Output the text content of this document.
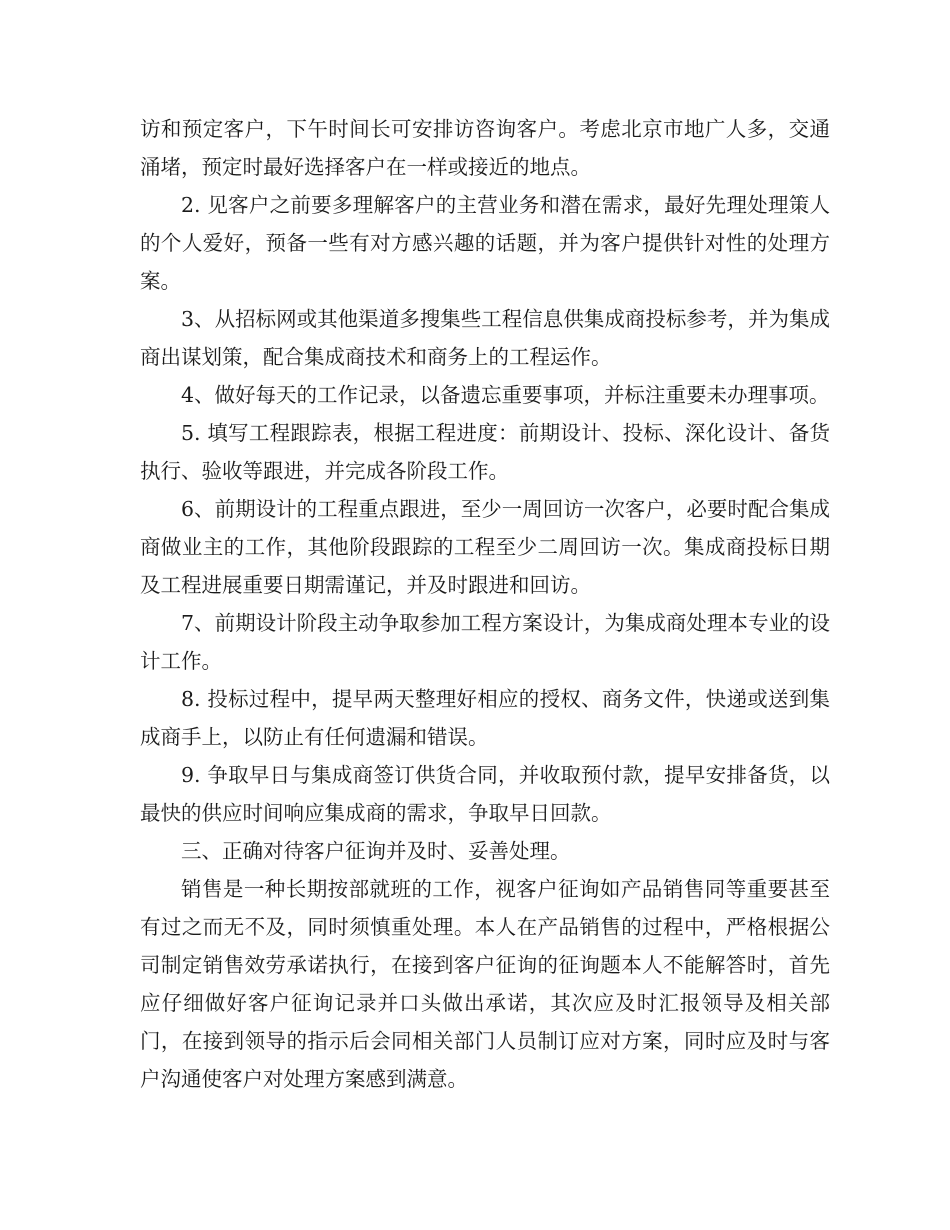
访和预定客户，下午时间长可安排访咨询客户。考虑北京市地广人多，交通涌堵，预定时最好选择客户在一样或接近的地点。

2. 见客户之前要多理解客户的主营业务和潜在需求，最好先理处理策人的个人爱好，预备一些有对方感兴趣的话题，并为客户提供针对性的处理方案。

3、从招标网或其他渠道多搜集些工程信息供集成商投标参考，并为集成商出谋划策，配合集成商技术和商务上的工程运作。

4、做好每天的工作记录，以备遗忘重要事项，并标注重要未办理事项。

5. 填写工程跟踪表，根据工程进度：前期设计、投标、深化设计、备货执行、验收等跟进，并完成各阶段工作。

6、前期设计的工程重点跟进，至少一周回访一次客户，必要时配合集成商做业主的工作，其他阶段跟踪的工程至少二周回访一次。集成商投标日期及工程进展重要日期需谨记，并及时跟进和回访。

7、前期设计阶段主动争取参加工程方案设计，为集成商处理本专业的设计工作。

8. 投标过程中，提早两天整理好相应的授权、商务文件，快递或送到集成商手上，以防止有任何遗漏和错误。

9. 争取早日与集成商签订供货合同，并收取预付款，提早安排备货，以最快的供应时间响应集成商的需求，争取早日回款。

三、正确对待客户征询并及时、妥善处理。

销售是一种长期按部就班的工作，视客户征询如产品销售同等重要甚至有过之而无不及，同时须慎重处理。本人在产品销售的过程中，严格根据公司制定销售效劳承诺执行，在接到客户征询的征询题本人不能解答时，首先应仔细做好客户征询记录并口头做出承诺，其次应及时汇报领导及相关部门，在接到领导的指示后会同相关部门人员制订应对方案，同时应及时与客户沟通使客户对处理方案感到满意。
